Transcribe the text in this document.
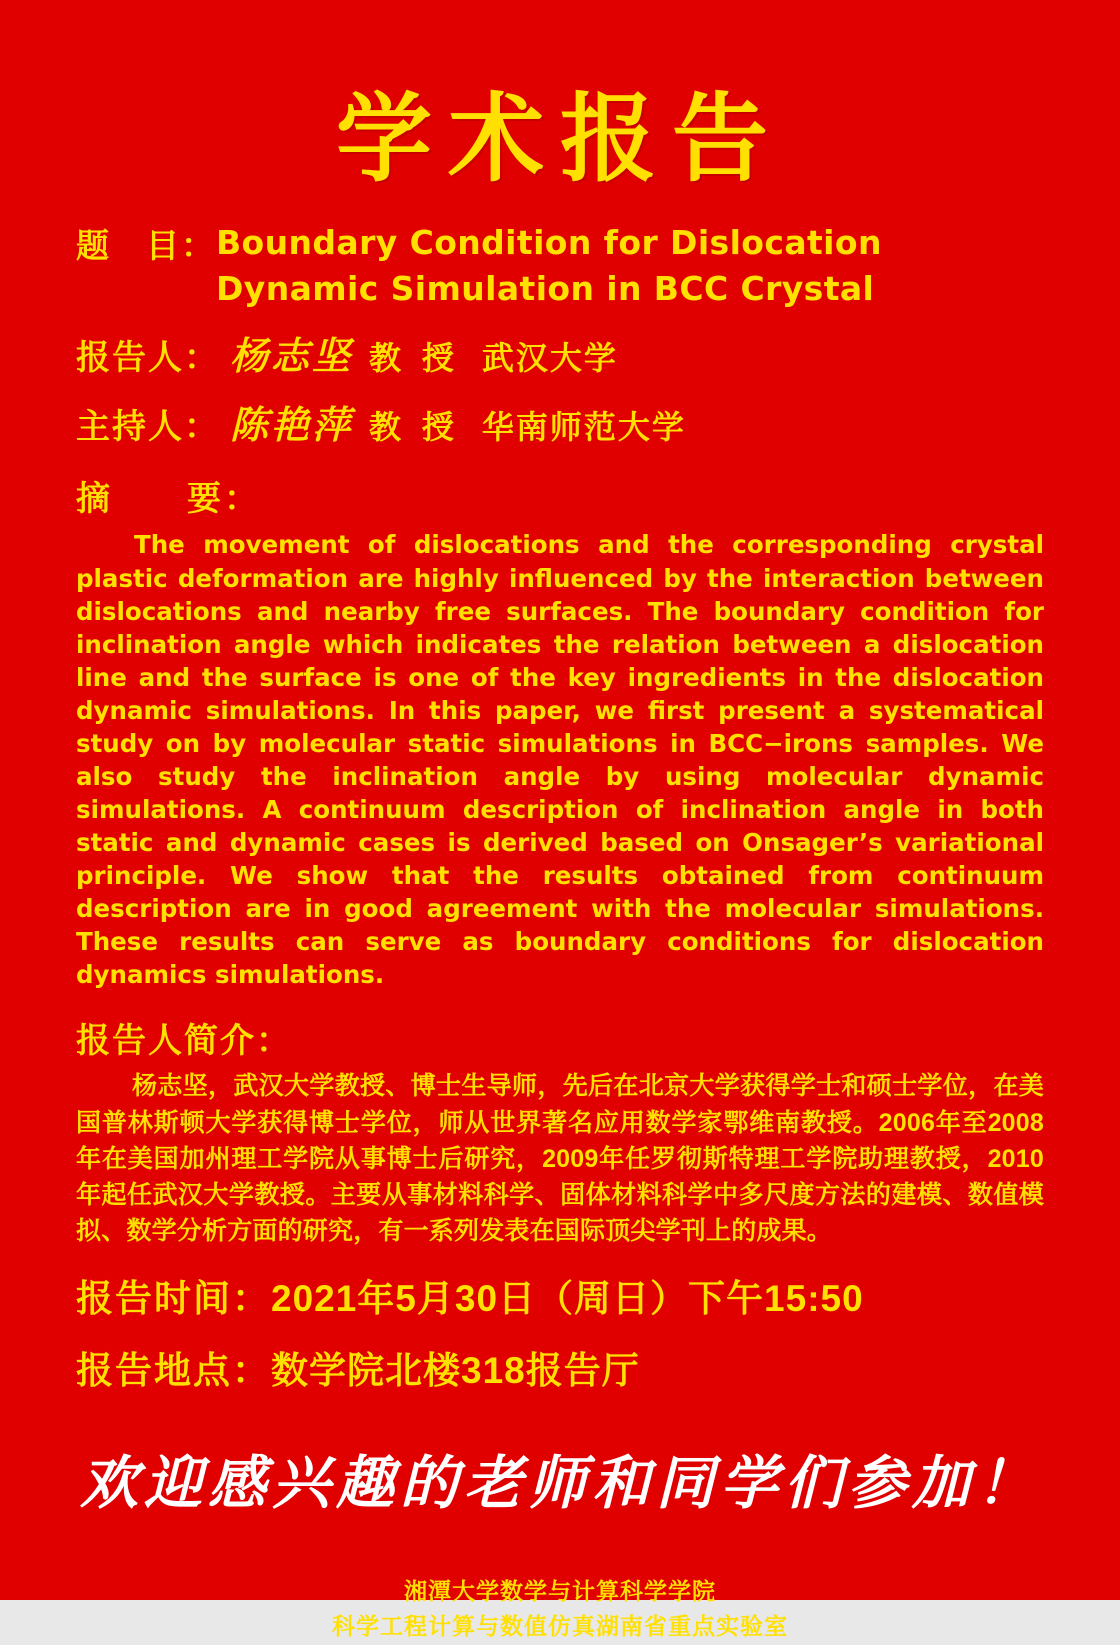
学术报告
题　目： Boundary Condition for Dislocation Dynamic Simulation in BCC Crystal
报告人： 杨志坚 教 授 武汉大学
主持人： 陈艳萍 教 授 华南师范大学
摘　　要：
The movement of dislocations and the corresponding crystal plastic deformation are highly influenced by the interaction between dislocations and nearby free surfaces. The boundary condition for inclination angle which indicates the relation between a dislocation line and the surface is one of the key ingredients in the dislocation dynamic simulations. In this paper, we first present a systematical study on by molecular static simulations in BCC−irons samples. We also study the inclination angle by using molecular dynamic simulations. A continuum description of inclination angle in both static and dynamic cases is derived based on Onsager’s variational principle. We show that the results obtained from continuum description are in good agreement with the molecular simulations. These results can serve as boundary conditions for dislocation dynamics simulations.
报告人简介：
杨志坚，武汉大学教授、博士生导师，先后在北京大学获得学士和硕士学位，在美国普林斯顿大学获得博士学位，师从世界著名应用数学家鄂维南教授。2006年至2008年在美国加州理工学院从事博士后研究，2009年任罗彻斯特理工学院助理教授，2010年起任武汉大学教授。主要从事材料科学、固体材料科学中多尺度方法的建模、数值模拟、数学分析方面的研究，有一系列发表在国际顶尖学刊上的成果。
报告时间：2021年5月30日（周日）下午15:50
报告地点：数学院北楼318报告厅
欢迎感兴趣的老师和同学们参加！
湘潭大学数学与计算科学学院
科学工程计算与数值仿真湖南省重点实验室
